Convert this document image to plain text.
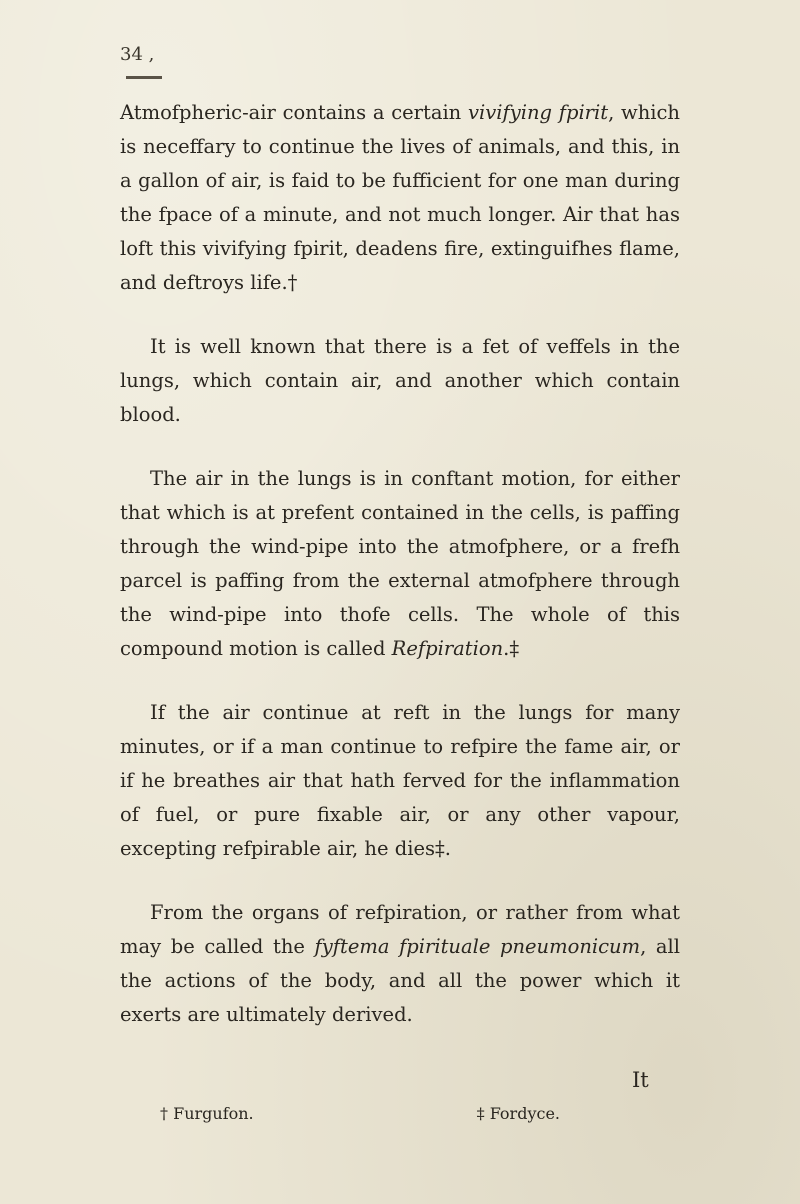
34 ,

Atmofpheric-air contains a certain vivifying fpirit, which is neceffary to continue the lives of animals, and this, in a gallon of air, is faid to be fufficient for one man during the fpace of a minute, and not much longer. Air that has loft this vivifying fpirit, deadens fire, extinguifhes flame, and deftroys life.†

It is well known that there is a fet of veffels in the lungs, which contain air, and another which contain blood.

The air in the lungs is in conftant motion, for either that which is at prefent contained in the cells, is paffing through the wind-pipe into the atmofphere, or a frefh parcel is paffing from the external atmofphere through the wind-pipe into thofe cells. The whole of this compound motion is called Refpiration.‡

If the air continue at reft in the lungs for many minutes, or if a man continue to refpire the fame air, or if he breathes air that hath ferved for the inflammation of fuel, or pure fixable air, or any other vapour, excepting refpirable air, he dies‡.

From the organs of refpiration, or rather from what may be called the fyftema fpirituale pneumonicum, all the actions of the body, and all the power which it exerts are ultimately derived.

It
† Furgufon.	‡ Fordyce.
